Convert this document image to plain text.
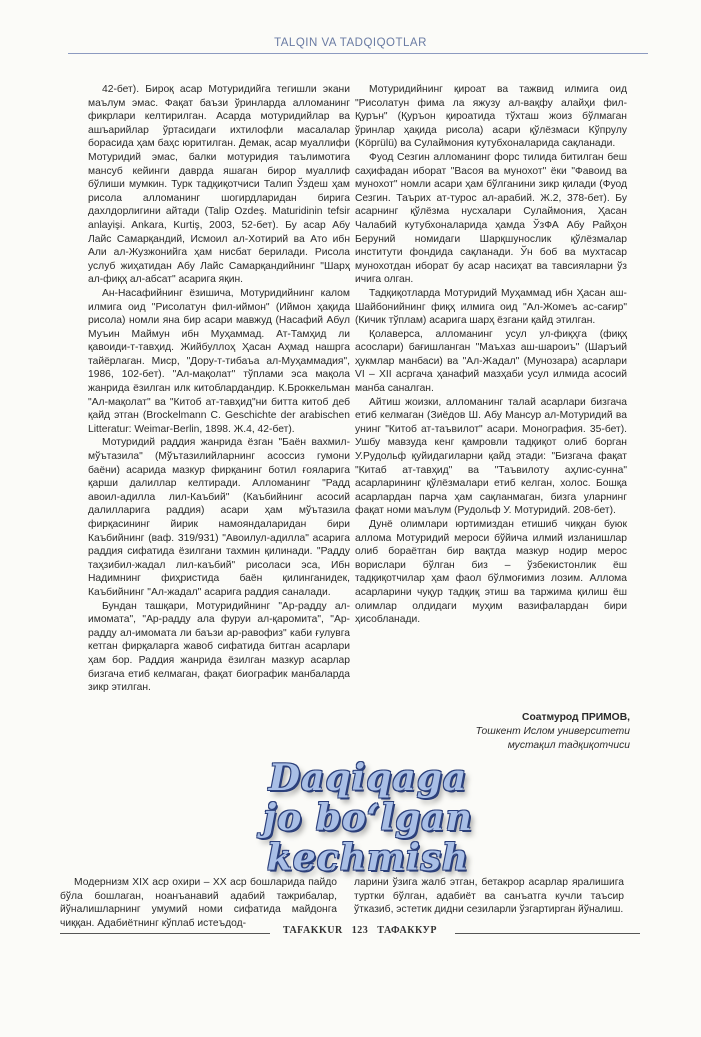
TALQIN VA TADQIQOTLAR

42-бет). Бироқ асар Мотуридийга тегишли экани маълум эмас. Фақат баъзи ўринларда алломанинг фикрлари келтирилган. Асарда мотуридийлар ва ашъарийлар ўртасидаги ихтилофли масалалар борасида ҳам баҳс юритилган. Демак, асар муаллифи Мотуридий эмас, балки мотуридия таълимотига мансуб кейинги даврда яшаган бирор муаллиф бўлиши мумкин. Турк тадқиқотчиси Талип Ўздеш ҳам рисола алломанинг шогирдларидан бирига дахлдорлигини айтади (Talip Ozdeş. Maturidinin tefsir anlayişi. Ankara, Kurtiş, 2003, 52-бет). Бу асар Абу Лайс Самарқандий, Исмоил ал-Хотирий ва Ато ибн Али ал-Жузжонийга ҳам нисбат берилади. Рисола услуб жиҳатидан Абу Лайс Самарқандийнинг "Шарҳ ал-фиқҳ ал-абсат" асарига яқин.

Ан-Насафийнинг ёзишича, Мотуридийнинг калом илмига оид "Рисолатун фил-иймон" (Иймон ҳақида рисола) номли яна бир асари мавжуд (Насафий Абул Муъин Маймун ибн Муҳаммад. Ат-Тамҳид ли қавоиди-т-тавҳид. Жийбуллоҳ Ҳасан Аҳмад нашрга тайёрлаган. Миср, "Дору-т-тибаъа ал-Муҳаммадия", 1986, 102-бет). "Ал-мақолат" тўплами эса мақола жанрида ёзилган илк китоблардандир. К.Броккельман "Ал-мақолат" ва "Китоб ат-тавҳид"ни битта китоб деб қайд этган (Brockelmann C. Geschichte der arabischen Litteratur: Weimar-Berlin, 1898. Ж.4, 42-бет).

Мотуридий раддия жанрида ёзган "Баён вахмил-мўътазила" (Мўътазилийларнинг асоссиз гумони баёни) асарида мазкур фирқанинг ботил ғояларига қарши далиллар келтиради. Алломанинг "Радд авоил-адилла лил-Каъбий" (Каъбийнинг асосий далилларига раддия) асари ҳам мўътазила фирқасининг йирик намояндаларидан бири Каъбийнинг (ваф. 319/931) "Авоилул-адилла" асарига раддия сифатида ёзилгани тахмин қилинади. "Радду таҳзибил-жадал лил-каъбий" рисоласи эса, Ибн Надимнинг фиҳристида баён қилинганидек, Каъбийнинг "Ал-жадал" асарига раддия саналади.

Бундан ташқари, Мотуридийнинг "Ар-радду ал-имомата", "Ар-радду ала фуруи ал-қаромита", "Ар-радду ал-имомата ли баъзи ар-равофиз" каби ғулувга кетган фирқаларга жавоб сифатида битган асарлари ҳам бор. Раддия жанрида ёзилган мазкур асарлар бизгача етиб келмаган, фақат биографик манбаларда зикр этилган.

Мотуридийнинг қироат ва тажвид илмига оид "Рисолатун фима ла яжузу ал-вақфу алайҳи фил-Қурън" (Қуръон қироатида тўхташ жоиз бўлмаган ўринлар ҳақида рисола) асари қўлёзмаси Кўпрулу (Köprülü) ва Сулаймония кутубхоналарида сақланади.

Фуод Сезгин алломанинг форс тилида битилган беш саҳифадан иборат "Васоя ва мунохот" ёки "Фавоид ва мунохот" номли асари ҳам бўлганини зикр қилади (Фуод Сезгин. Таърих ат-турос ал-арабий. Ж.2, 378-бет). Бу асарнинг қўлёзма нусхалари Сулаймония, Ҳасан Чалабий кутубхоналарида ҳамда ЎзФА Абу Райҳон Беруний номидаги Шарқшунослик қўлёзмалар институти фондида сақланади. Ўн боб ва мухтасар мунохотдан иборат бу асар насиҳат ва тавсияларни ўз ичига олган.

Тадқиқотларда Мотуридий Муҳаммад ибн Ҳасан аш-Шайбонийнинг фиқҳ илмига оид "Ал-Жомеъ ас-сағир" (Кичик тўплам) асарига шарҳ ёзгани қайд этилган.

Қолаверса, алломанинг усул ул-фиқҳга (фиқҳ асослари) бағишланган "Маъхаз аш-шароиъ" (Шаръий ҳукмлар манбаси) ва "Ал-Жадал" (Мунозара) асарлари VI – XII асргача ҳанафий мазҳаби усул илмида асосий манба саналган.

Айтиш жоизки, алломанинг талай асарлари бизгача етиб келмаган (Зиёдов Ш. Абу Мансур ал-Мотуридий ва унинг "Китоб ат-таъвилот" асари. Монография. 35-бет). Ушбу мавзуда кенг қамровли тадқиқот олиб борган У.Рудольф қуйидагиларни қайд этади: "Бизгача фақат "Китаб ат-тавҳид" ва "Таъвилоту аҳлис-сунна" асарларининг қўлёзмалари етиб келган, холос. Бошқа асарлардан парча ҳам сақланмаган, бизга уларнинг фақат номи маълум (Рудольф У. Мотуридий. 208-бет).

Дунё олимлари юртимиздан етишиб чиққан буюк аллома Мотуридий мероси бўйича илмий изланишлар олиб бораётган бир вақтда мазкур нодир мерос ворислари бўлган биз – ўзбекистонлик ёш тадқиқотчилар ҳам фаол бўлмоғимиз лозим. Аллома асарларини чуқур тадқиқ этиш ва таржима қилиш ёш олимлар олдидаги муҳим вазифалардан бири ҳисобланади.

Соатмурод ПРИМОВ,
Тошкент Ислом университети
мустақил тадқиқотчиси
Daqiqaga
jo bo‘lgan kechmish

Модернизм XIX аср охири – XX аср бошларида пайдо бўла бошлаган, ноанъанавий адабий тажрибалар, йўналишларнинг умумий номи сифатида майдонга чиққан. Адабиётнинг кўплаб истеъдод-

ларини ўзига жалб этган, бетакрор асарлар яралишига туртки бўлган, адабиёт ва санъатга кучли таъсир ўтказиб, эстетик дидни сезиларли ўзгартирган йўналиш.

TAFAKKUR 123 ТАФАККУР
